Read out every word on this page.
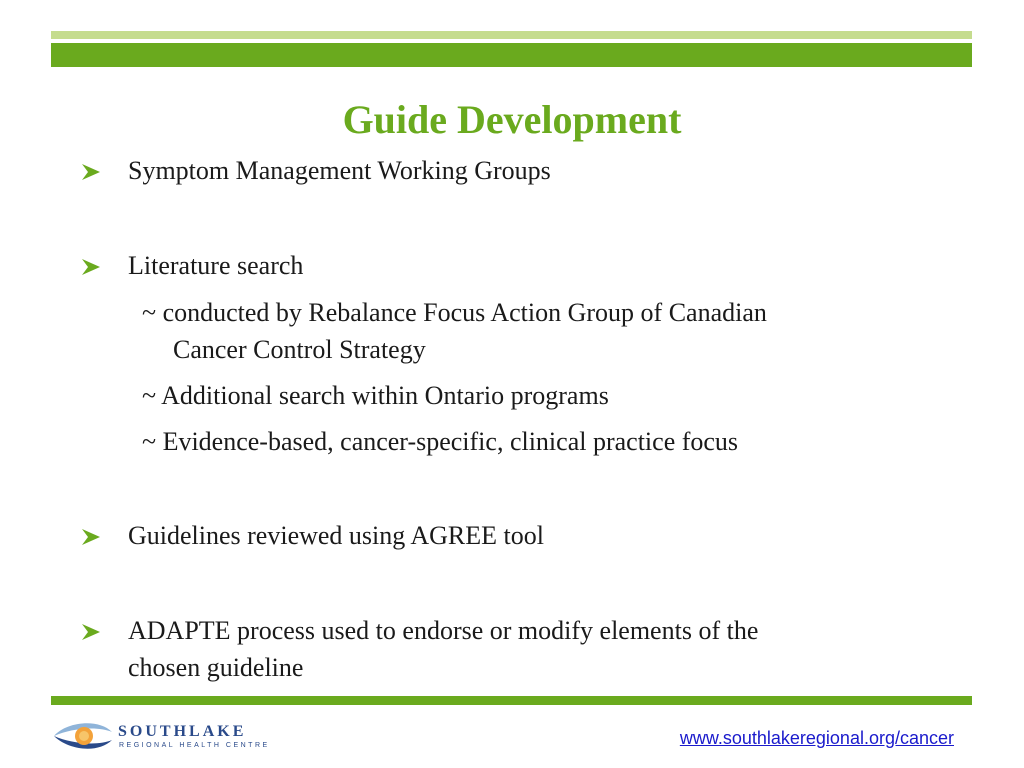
Guide Development
Symptom Management Working Groups
Literature search
~ conducted by Rebalance Focus Action Group of Canadian
Cancer Control Strategy
~ Additional search within Ontario programs
~ Evidence-based, cancer-specific, clinical practice focus
Guidelines reviewed using AGREE tool
ADAPTE process used to endorse or modify elements of the
chosen guideline
SOUTHLAKE
REGIONAL HEALTH CENTRE	www.southlakeregional.org/cancer
